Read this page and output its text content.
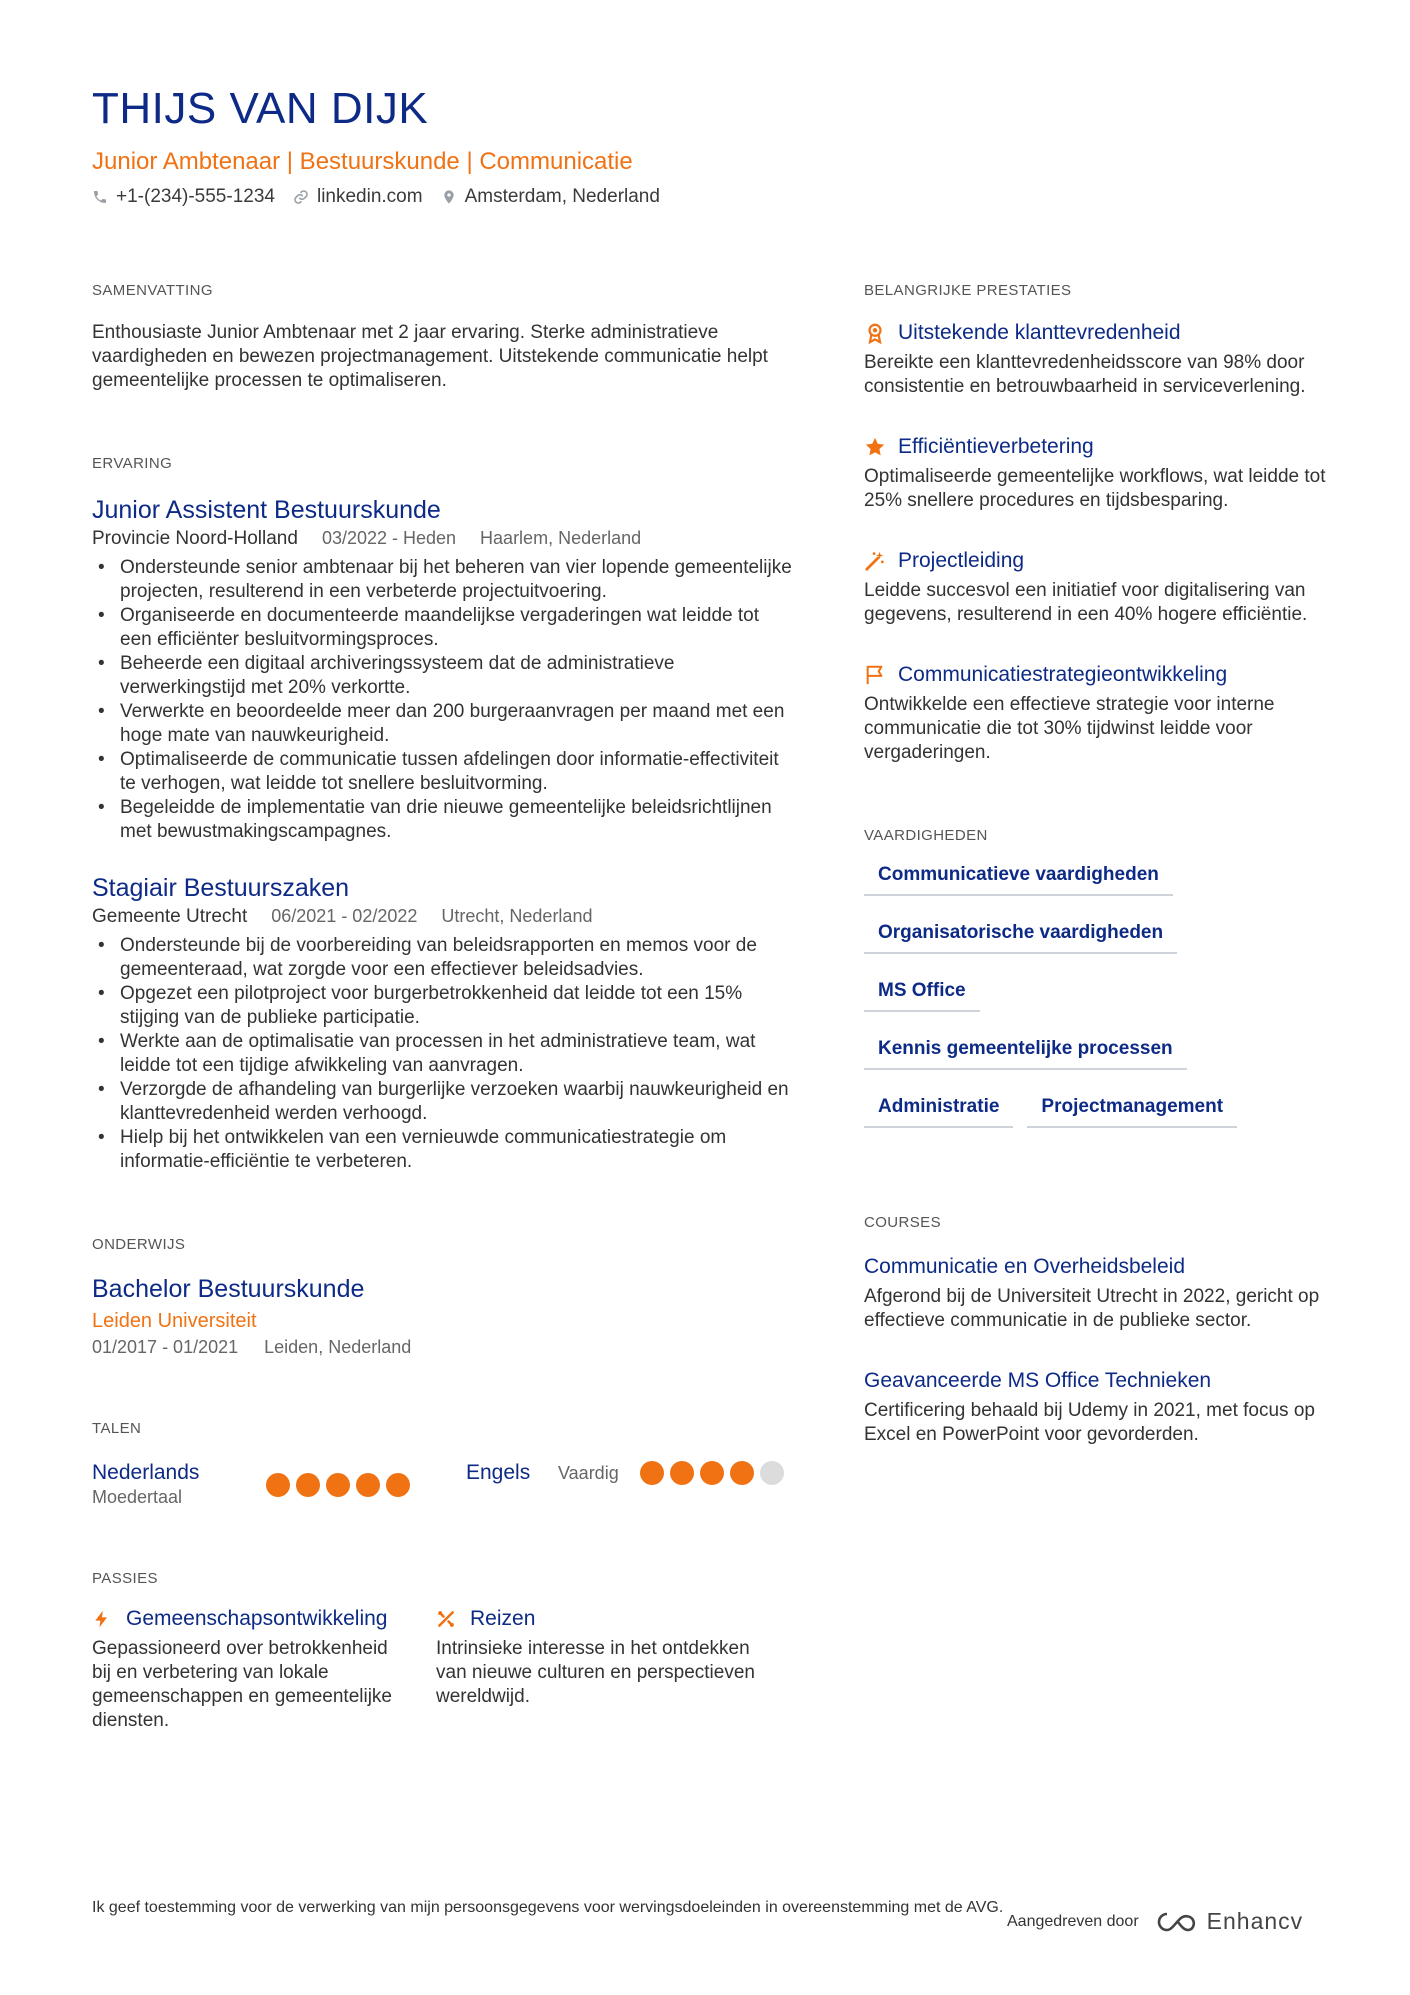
THIJS VAN DIJK
Junior Ambtenaar | Bestuurskunde | Communicatie
+1-(234)-555-1234 linkedin.com Amsterdam, Nederland
SAMENVATTING
Enthousiaste Junior Ambtenaar met 2 jaar ervaring. Sterke administratieve vaardigheden en bewezen projectmanagement. Uitstekende communicatie helpt gemeentelijke processen te optimaliseren.
ERVARING
Junior Assistent Bestuurskunde
Provincie Noord-Holland 03/2022 - Heden Haarlem, Nederland
• Ondersteunde senior ambtenaar bij het beheren van vier lopende gemeentelijke projecten, resulterend in een verbeterde projectuitvoering.
• Organiseerde en documenteerde maandelijkse vergaderingen wat leidde tot een efficiënter besluitvormingsproces.
• Beheerde een digitaal archiveringssysteem dat de administratieve verwerkingstijd met 20% verkortte.
• Verwerkte en beoordeelde meer dan 200 burgeraanvragen per maand met een hoge mate van nauwkeurigheid.
• Optimaliseerde de communicatie tussen afdelingen door informatie-effectiviteit te verhogen, wat leidde tot snellere besluitvorming.
• Begeleidde de implementatie van drie nieuwe gemeentelijke beleidsrichtlijnen met bewustmakingscampagnes.
Stagiair Bestuurszaken
Gemeente Utrecht 06/2021 - 02/2022 Utrecht, Nederland
• Ondersteunde bij de voorbereiding van beleidsrapporten en memos voor de gemeenteraad, wat zorgde voor een effectiever beleidsadvies.
• Opgezet een pilotproject voor burgerbetrokkenheid dat leidde tot een 15% stijging van de publieke participatie.
• Werkte aan de optimalisatie van processen in het administratieve team, wat leidde tot een tijdige afwikkeling van aanvragen.
• Verzorgde de afhandeling van burgerlijke verzoeken waarbij nauwkeurigheid en klanttevredenheid werden verhoogd.
• Hielp bij het ontwikkelen van een vernieuwde communicatiestrategie om informatie-efficiëntie te verbeteren.
ONDERWIJS
Bachelor Bestuurskunde
Leiden Universiteit
01/2017 - 01/2021 Leiden, Nederland
TALEN
Nederlands
Moedertaal
Engels	Vaardig
PASSIES
Gemeenschapsontwikkeling
Gepassioneerd over betrokkenheid bij en verbetering van lokale gemeenschappen en gemeentelijke diensten.
Reizen
Intrinsieke interesse in het ontdekken van nieuwe culturen en perspectieven wereldwijd.
BELANGRIJKE PRESTATIES
Uitstekende klanttevredenheid
Bereikte een klanttevredenheidsscore van 98% door consistentie en betrouwbaarheid in serviceverlening.
Efficiëntieverbetering
Optimaliseerde gemeentelijke workflows, wat leidde tot 25% snellere procedures en tijdsbesparing.
Projectleiding
Leidde succesvol een initiatief voor digitalisering van gegevens, resulterend in een 40% hogere efficiëntie.
Communicatiestrategieontwikkeling
Ontwikkelde een effectieve strategie voor interne communicatie die tot 30% tijdwinst leidde voor vergaderingen.
VAARDIGHEDEN
Communicatieve vaardigheden
Organisatorische vaardigheden
MS Office
Kennis gemeentelijke processen
Administratie	Projectmanagement
COURSES
Communicatie en Overheidsbeleid
Afgerond bij de Universiteit Utrecht in 2022, gericht op effectieve communicatie in de publieke sector.
Geavanceerde MS Office Technieken
Certificering behaald bij Udemy in 2021, met focus op Excel en PowerPoint voor gevorderden.
Ik geef toestemming voor de verwerking van mijn persoonsgegevens voor wervingsdoeleinden in overeenstemming met de AVG.
Aangedreven door	Enhancv
